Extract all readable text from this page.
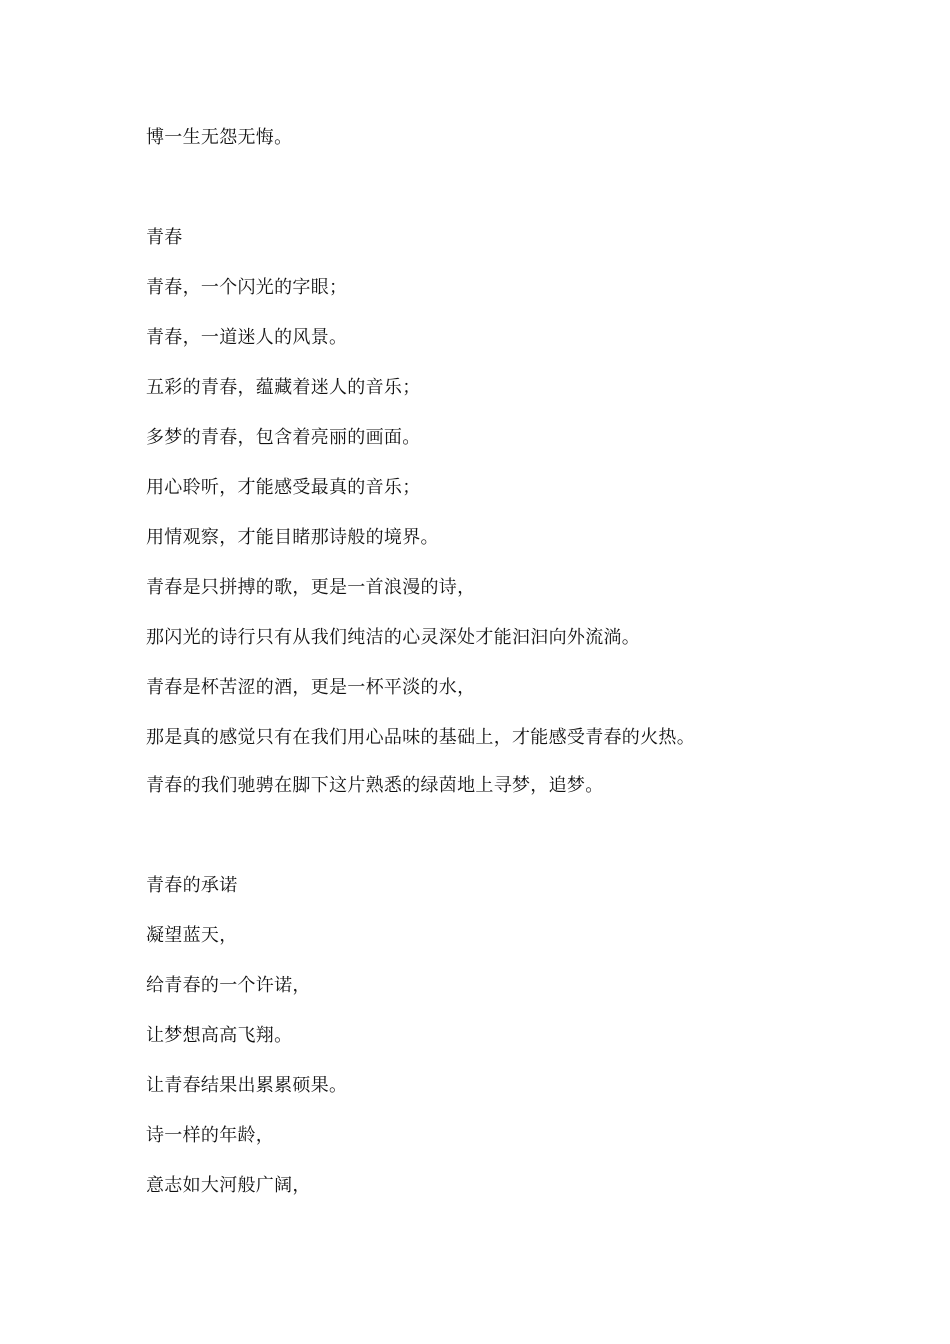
博一生无怨无悔。
青春
青春，一个闪光的字眼；
青春，一道迷人的风景。
五彩的青春，蕴藏着迷人的音乐；
多梦的青春，包含着亮丽的画面。
用心聆听，才能感受最真的音乐；
用情观察，才能目睹那诗般的境界。
青春是只拼搏的歌，更是一首浪漫的诗，
那闪光的诗行只有从我们纯洁的心灵深处才能汩汩向外流淌。
青春是杯苦涩的酒，更是一杯平淡的水，
那是真的感觉只有在我们用心品味的基础上，才能感受青春的火热。
青春的我们驰骋在脚下这片熟悉的绿茵地上寻梦，追梦。
青春的承诺
凝望蓝天，
给青春的一个许诺，
让梦想高高飞翔。
让青春结果出累累硕果。
诗一样的年龄，
意志如大河般广阔，
